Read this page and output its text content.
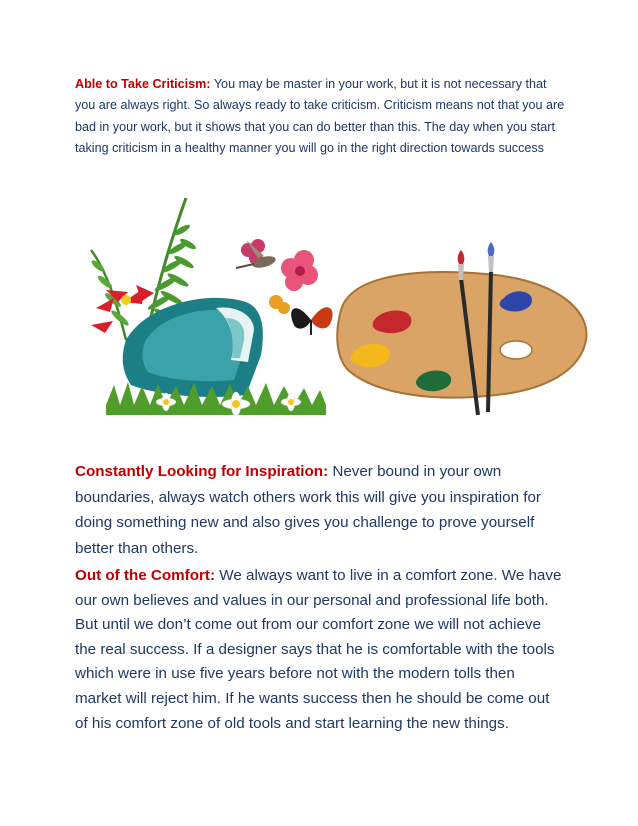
Able to Take Criticism: You may be master in your work, but it is not necessary that you are always right. So always ready to take criticism. Criticism means not that you are bad in your work, but it shows that you can do better than this. The day when you start taking criticism in a healthy manner you will go in the right direction towards success

Constantly Looking for Inspiration: Never bound in your own boundaries, always watch others work this will give you inspiration for doing something new and also gives you challenge to prove yourself better than others.

Out of the Comfort: We always want to live in a comfort zone. We have our own believes and values in our personal and professional life both. But until we don’t come out from our comfort zone we will not achieve the real success. If a designer says that he is comfortable with the tools which were in use five years before not with the modern tolls then market will reject him. If he wants success then he should be come out of his comfort zone of old tools and start learning the new things.
